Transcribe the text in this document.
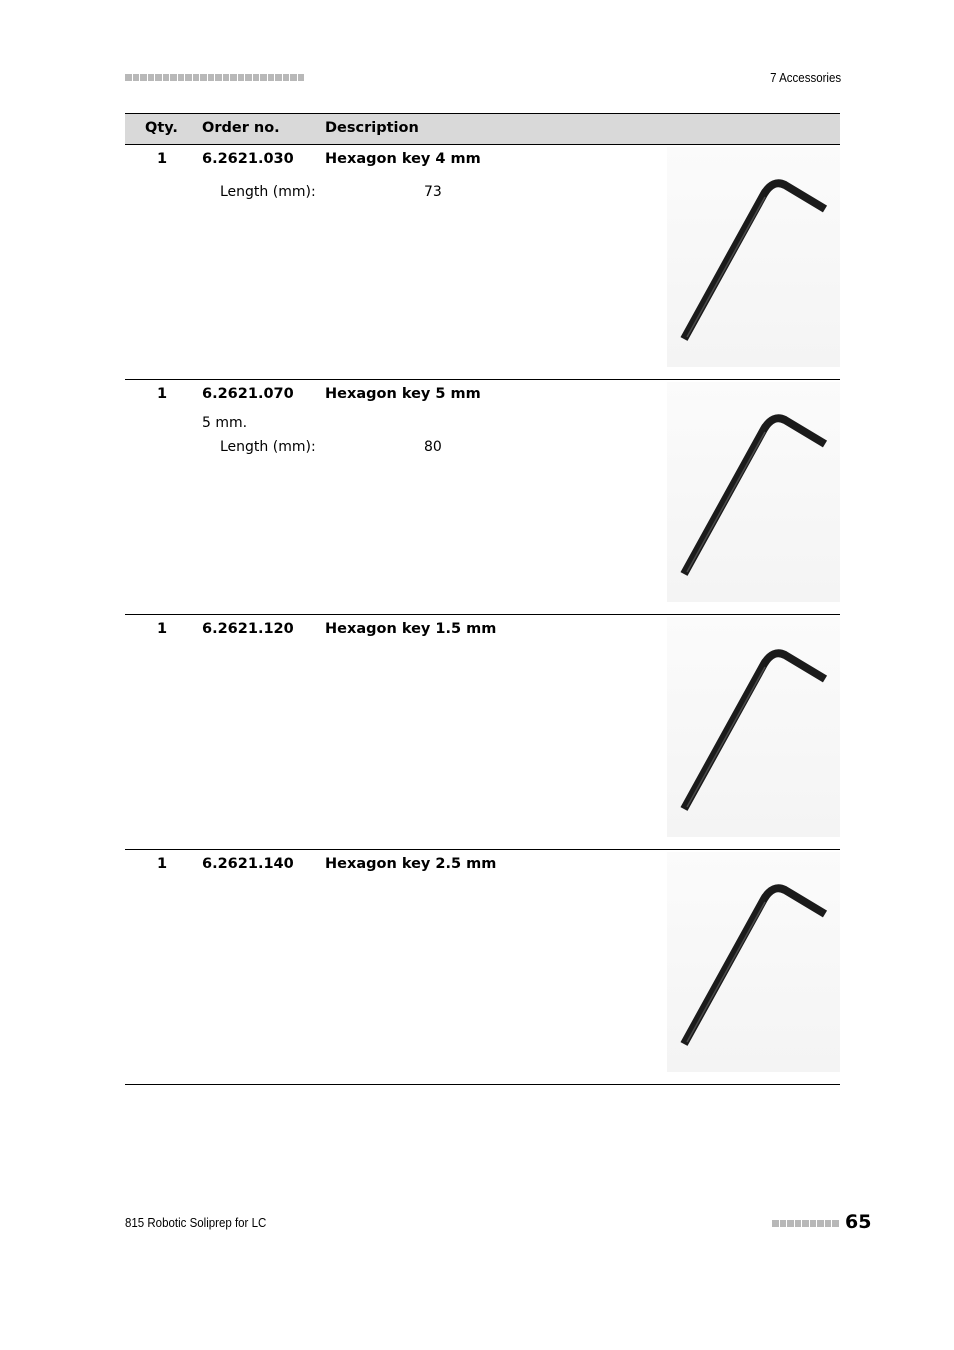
7 Accessories
Qty. Order no.	Description
1 6.2621.030 Hexagon key 4 mm
Length (mm):	73
1 6.2621.070 Hexagon key 5 mm
5 mm.
Length (mm):	80
1 6.2621.120 Hexagon key 1.5 mm
1 6.2621.140 Hexagon key 2.5 mm
815 Robotic Soliprep for LC	65
